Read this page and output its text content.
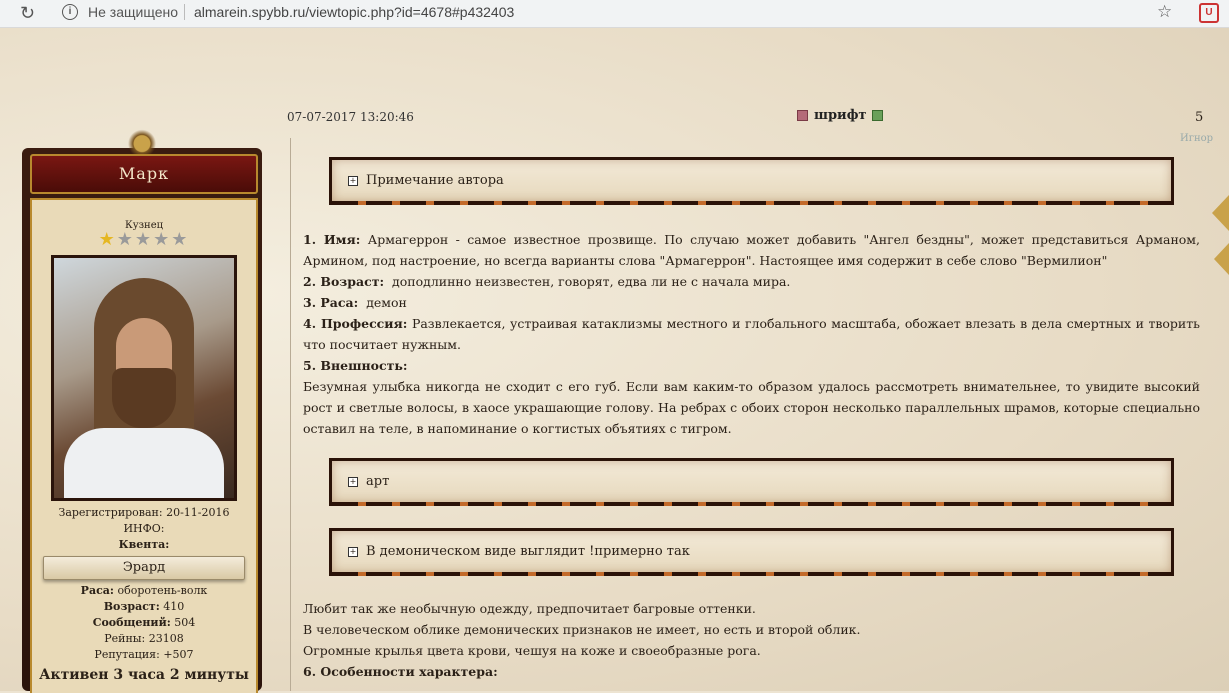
↻	i	Не защищено almarein.spybb.ru/viewtopic.php?id=4678#p432403	☆	U
Марк
Кузнец
★★★★★
Зарегистрирован: 20-11-2016
ИНФО:
Квента:
Эрард
Раса: оборотень-волк
Возраст: 410
Сообщений: 504
Рейны: 23108
Репутация: +507
Активен 3 часа 2 минуты
07-07-2017 13:20:46	шрифт	5
Игнор
+ Примечание автора
1. Имя: Армагеррон - самое известное прозвище. По случаю может добавить "Ангел бездны", может представиться Арманом, Армином, под настроение, но всегда варианты слова "Армагеррон". Настоящее имя содержит в себе слово "Вермилион"
2. Возраст: доподлинно неизвестен, говорят, едва ли не с начала мира.
3. Раса: демон
4. Профессия: Развлекается, устраивая катаклизмы местного и глобального масштаба, обожает влезать в дела смертных и творить что посчитает нужным.
5. Внешность:
Безумная улыбка никогда не сходит с его губ. Если вам каким-то образом удалось рассмотреть внимательнее, то увидите высокий рост и светлые волосы, в хаосе украшающие голову. На ребрах с обоих сторон несколько параллельных шрамов, которые специально оставил на теле, в напоминание о когтистых объятиях с тигром.
+ арт
+ В демоническом виде выглядит !примерно так
Любит так же необычную одежду, предпочитает багровые оттенки.
В человеческом облике демонических признаков не имеет, но есть и второй облик.
Огромные крылья цвета крови, чешуя на коже и своеобразные рога.
6. Особенности характера:
